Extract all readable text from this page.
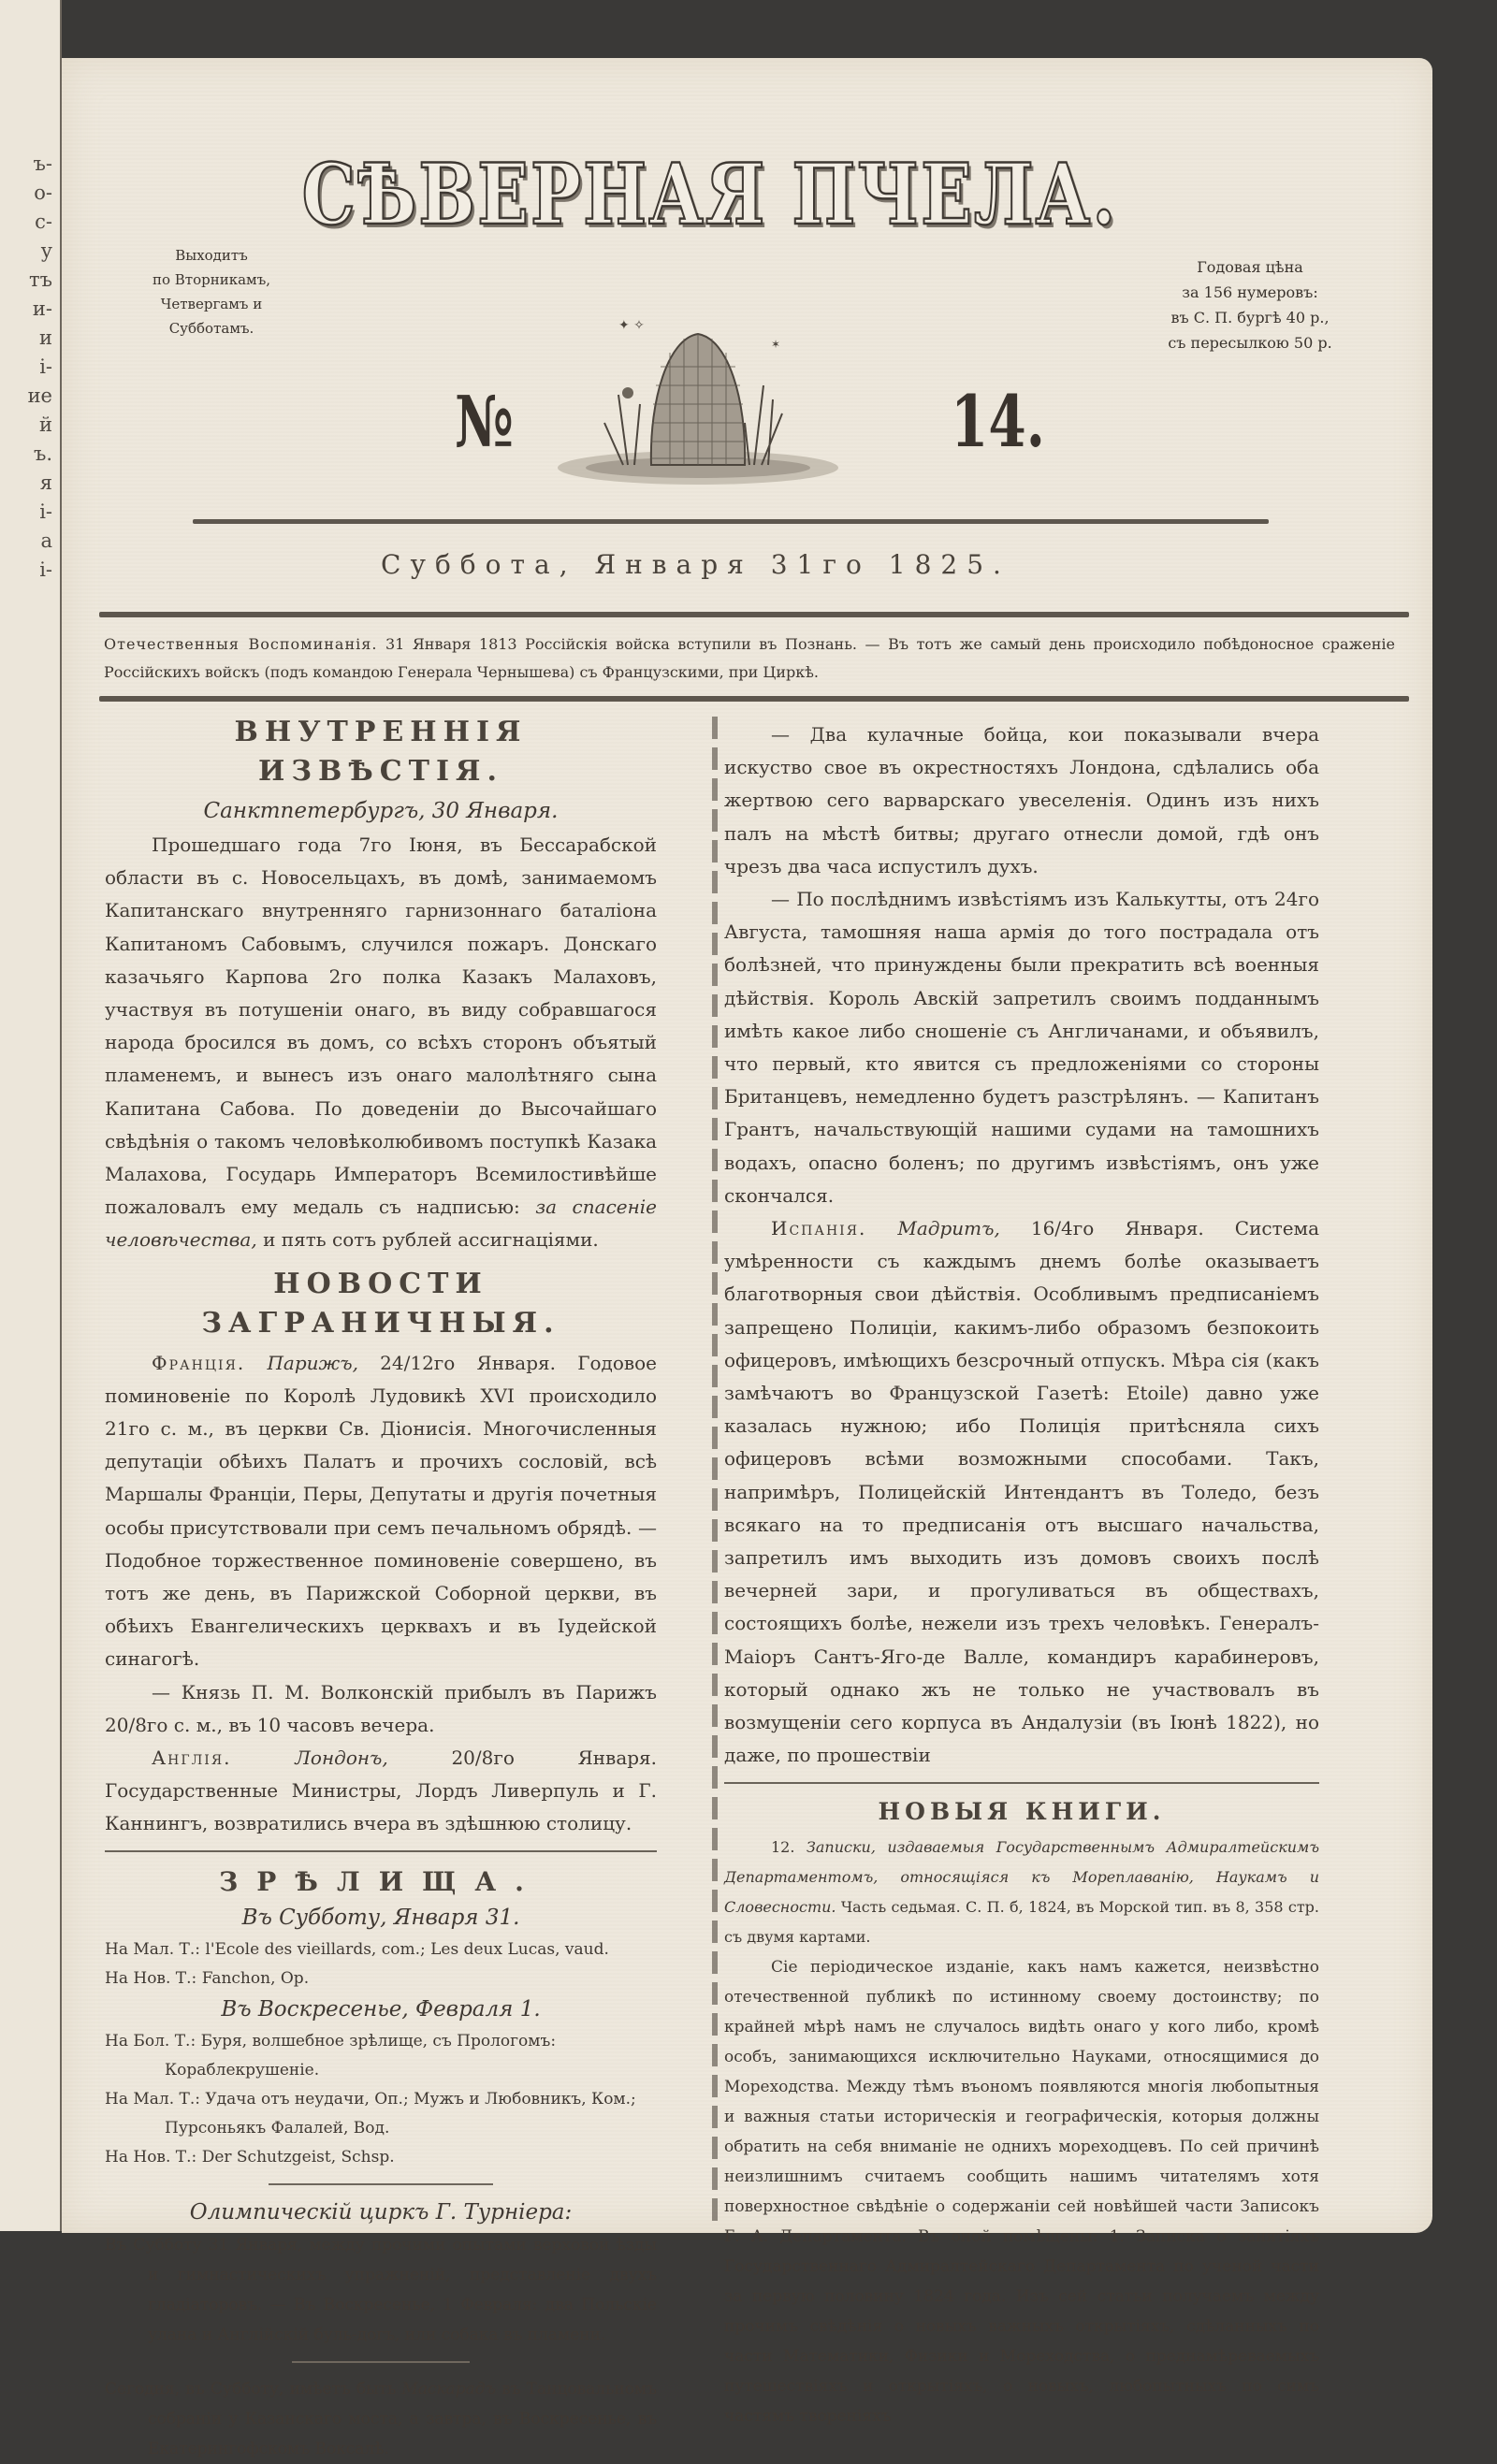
ъ-
о-
с-
у
тъ
и-
и
і-
ие
й
ъ.
я
і-
а
і-
СѢВЕРНАЯ ПЧЕЛА.
Выходитъ
по Вторникамъ,
Четвергамъ и
Субботамъ.
Годовая цѣна
за 156 нумеровъ:
въ С. П. бургѣ 40 р.,
съ пересылкою 50 р.
№
✦ ✧
✶
14.
Суббота, Января 31го 1825.
Отечественныя Воспоминанія. 31 Января 1813 Россійскія войска вступили въ Познань. — Въ тотъ же самый день происходило побѣдоносное сраженіе Россійскихъ войскъ (подъ командою Генерала Чернышева) съ Французскими, при Циркѣ.
ВНУТРЕННІЯ ИЗВѢСТІЯ.
Санктпетербургъ, 30 Января.

Прошедшаго года 7го Іюня, въ Бессарабской области въ с. Новосельцахъ, въ домѣ, занимаемомъ Капитанскаго внутренняго гарнизоннаго баталіона Капитаномъ Сабовымъ, случился пожаръ. Донскаго казачьяго Карпова 2го полка Казакъ Малаховъ, участвуя въ потушеніи онаго, въ виду собравшагося народа бросился въ домъ, со всѣхъ сторонъ объятый пламенемъ, и вынесъ изъ онаго малолѣтняго сына Капитана Сабова. По доведеніи до Высочайшаго свѣдѣнія о такомъ человѣколюбивомъ поступкѣ Казака Малахова, Государь Императоръ Всемилостивѣйше пожаловалъ ему медаль съ надписью: за спасеніе человѣчества, и пять сотъ рублей ассигнаціями.

НОВОСТИ ЗАГРАНИЧНЫЯ.

Франція. Парижъ, 24/12го Января. Годовое поминовеніе по Королѣ Лудовикѣ XVI происходило 21го с. м., въ церкви Св. Діонисія. Многочисленныя депутаціи обѣихъ Палатъ и прочихъ сословій, всѣ Маршалы Франціи, Перы, Депутаты и другія почетныя особы присутствовали при семъ печальномъ обрядѣ. — Подобное торжественное поминовеніе совершено, въ тотъ же день, въ Парижской Соборной церкви, въ обѣихъ Евангелическихъ церквахъ и въ Іудейской синагогѣ.

— Князь П. М. Волконскій прибылъ въ Парижъ 20/8го с. м., въ 10 часовъ вечера.

Англія.	Лондонъ,	20/8го Января. Государственные Министры, Лордъ Ливерпуль и Г. Каннингъ, возвратились вчера въ здѣшнюю столицу.

ЗРѢЛИЩА.
Въ Субботу, Января 31.
На Мал. Т.: l'Ecole des vieillards, com.; Les deux Lucas, vaud.
На Нов. Т.: Fanchon, Op.
Въ Воскресенье, Февраля 1.
На Бол. Т.: Буря, волшебное зрѣлище, съ Прологомъ: Кораблекрушеніе.
На Мал. Т.: Удача отъ неудачи, Оп.; Мужъ и Любовникъ, Ком.; Пурсоньякъ Фалалей, Вод.
На Нов. Т.: Der Schutzgeist, Schsp.
Олимпическій циркъ Г. Турніера:
Въ Субботу 31 Января, между прочими опытами верховой ѣзды и гимнастическихъ упражненій, представленіе двухъ гладіаторовъ. — Въ Воскресенье, 1 Февраля: два Польскіе улана и Англійскій буль-догъ, или собака въ пламени.
Сегодня, въ Субботу, имѣетъ быть Маскарадъ въ Танцовальномъ собраніи у Казанскаго моста, а завтра, въ Воскресенье, въ Екатерингофскомъ Воксалѣ.

— Два кулачные бойца, кои показывали вчера искуство свое въ окрестностяхъ Лондона, сдѣлались оба жертвою сего варварскаго увеселенія. Одинъ изъ нихъ палъ на мѣстѣ битвы; другаго отнесли домой, гдѣ онъ чрезъ два часа испустилъ духъ.

— По послѣднимъ извѣстіямъ изъ Калькутты, отъ 24го Августа, тамошняя наша армія до того пострадала отъ болѣзней, что принуждены были прекратить всѣ военныя дѣйствія. Король Авскій запретилъ своимъ подданнымъ имѣть какое либо сношеніе съ Англичанами, и объявилъ, что первый, кто явится съ предложеніями со стороны Британцевъ, немедленно будетъ разстрѣлянъ. — Капитанъ Грантъ, начальствующій нашими судами на тамошнихъ водахъ, опасно боленъ; по другимъ извѣстіямъ, онъ уже скончался.

Испанія. Мадритъ, 16/4го Января. Система умѣренности съ каждымъ днемъ болѣе оказываетъ благотворныя свои дѣйствія. Особливымъ предписаніемъ запрещено Полиціи, какимъ-либо образомъ безпокоить офицеровъ, имѣющихъ безсрочный отпускъ. Мѣра сія (какъ замѣчаютъ во Французской Газетѣ: Etoile) давно уже казалась нужною; ибо Полиція притѣсняла сихъ офицеровъ всѣми возможными способами. Такъ, напримѣръ, Полицейскій Интендантъ въ Толедо, безъ всякаго на то предписанія отъ высшаго начальства, запретилъ имъ выходить изъ домовъ своихъ послѣ вечерней зари, и прогуливаться въ обществахъ, состоящихъ болѣе, нежели изъ трехъ человѣкъ. Генералъ-Маіоръ Сантъ-Яго-де Валле, командиръ карабинеровъ, который однако жъ не только не участвовалъ въ возмущеніи сего корпуса въ Андалузіи (въ Іюнѣ 1822), но даже, по прошествіи

НОВЫЯ КНИГИ.

12. Записки, издаваемыя Государственнымъ Адмиралтейскимъ Департаментомъ, относящіяся къ Мореплаванію, Наукамъ и Словесности. Часть седьмая. С. П. б, 1824, въ Морской тип. въ 8, 358 стр. съ двумя картами.

Сіе періодическое изданіе, какъ намъ кажется, неизвѣстно отечественной публикѣ по истинному своему достоинству; по крайней мѣрѣ намъ не случалось видѣть онаго у кого либо, кромѣ особъ, занимающихся исключительно Науками, относящимися до Мореходства. Между тѣмъ въономъ появляются многія любопытныя и важныя статьи историческія и географическія, которыя должны обратить на себя вниманіе не однихъ мореходцевъ. По сей причинѣ неизлишнимъ считаемъ сообщить нашимъ читателямъ хотя поверхностное свѣдѣніе о содержаніи сей новѣйшей части Записокъ Г. А. Департамента. Въ оной помѣщены: 1. Записка о занятіяхъ Государственнаго Адмиралтейскаго Департамента по ученой части за первую половину 1824 года. Изъ сей статьи получаемъ между прочимъ свѣдѣнія о новыхъ важныхъ открытіяхъ, сдѣланныхъ по части Математики, Физики и Мореходства, о преднамѣреваемыхъ путешествіяхъ и открытіяхъ, о новыхъ, любопытныхъ по симъ частямъ твореніяхъ
